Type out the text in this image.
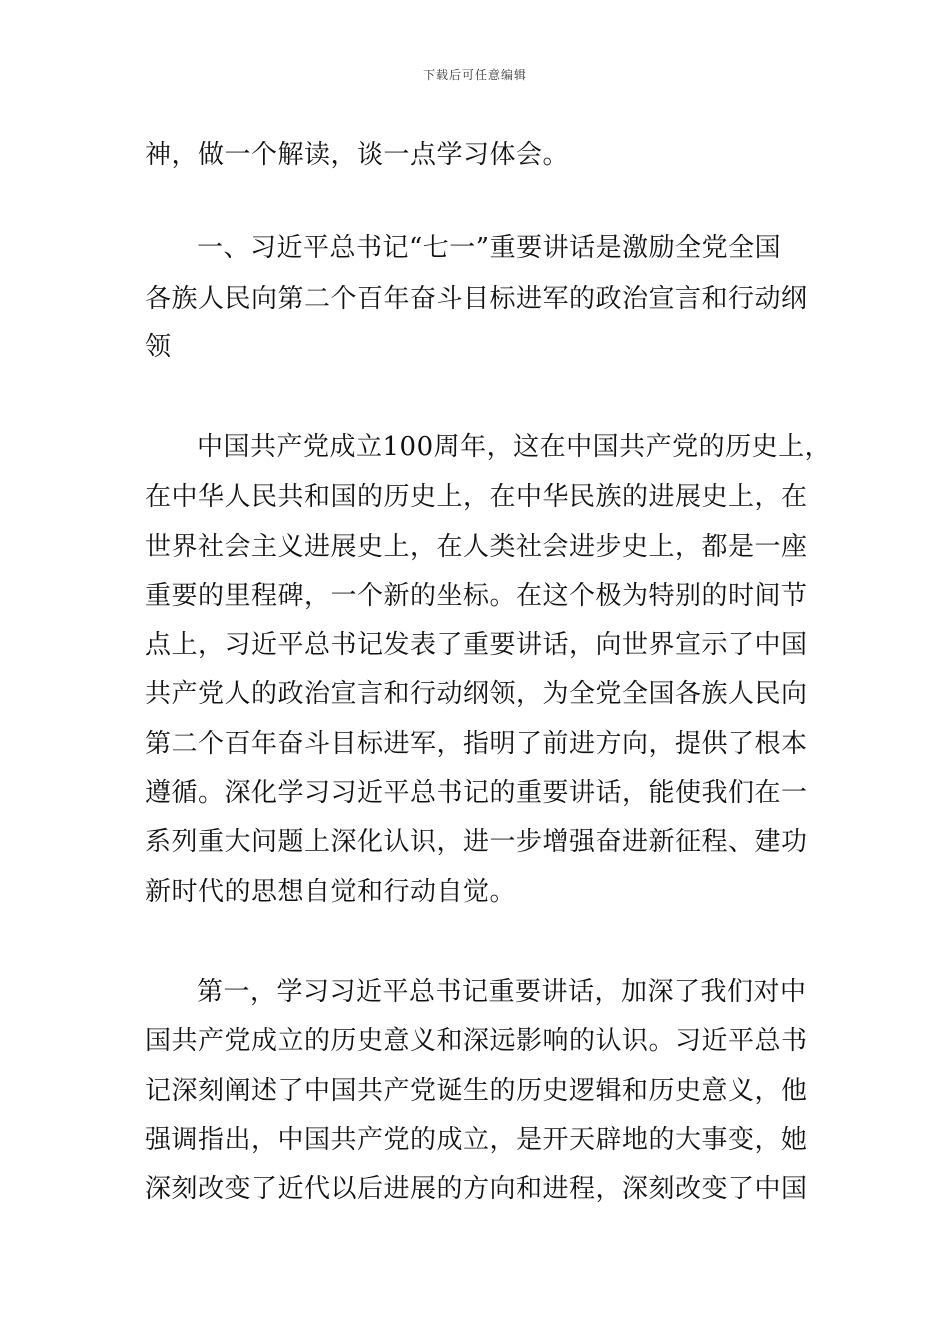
下载后可任意编辑
神，做一个解读，谈一点学习体会。
一、习近平总书记“七一”重要讲话是激励全党全国
各族人民向第二个百年奋斗目标进军的政治宣言和行动纲
领
中国共产党成立100周年，这在中国共产党的历史上，
在中华人民共和国的历史上，在中华民族的进展史上，在
世界社会主义进展史上，在人类社会进步史上，都是一座
重要的里程碑，一个新的坐标。在这个极为特别的时间节
点上，习近平总书记发表了重要讲话，向世界宣示了中国
共产党人的政治宣言和行动纲领，为全党全国各族人民向
第二个百年奋斗目标进军，指明了前进方向，提供了根本
遵循。深化学习习近平总书记的重要讲话，能使我们在一
系列重大问题上深化认识，进一步增强奋进新征程、建功
新时代的思想自觉和行动自觉。
第一，学习习近平总书记重要讲话，加深了我们对中
国共产党成立的历史意义和深远影响的认识。习近平总书
记深刻阐述了中国共产党诞生的历史逻辑和历史意义，他
强调指出，中国共产党的成立，是开天辟地的大事变，她
深刻改变了近代以后进展的方向和进程，深刻改变了中国
